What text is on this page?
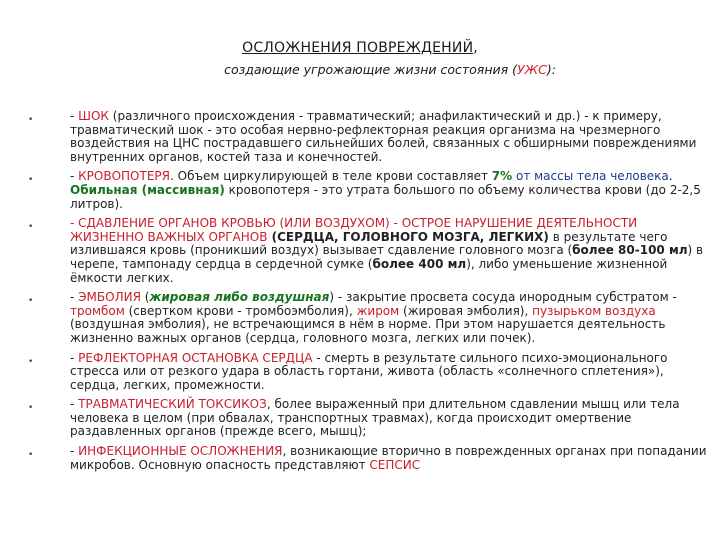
ОСЛОЖНЕНИЯ ПОВРЕЖДЕНИЙ,
создающие угрожающие жизни состояния (УЖС):
•	- ШОК (различного происхождения - травматический; анафилактический и др.) - к примеру, травматический шок - это особая нервно-рефлекторная реакция организма на чрезмерного воздействия на ЦНС пострадавшего сильнейших болей, связанных с обширными повреждениями внутренних органов, костей таза и конечностей.
•	- КРОВОПОТЕРЯ. Объем циркулирующей в теле крови составляет 7% от массы тела человека. Обильная (массивная) кровопотеря - это утрата большого по объему количества крови (до 2-2,5 литров).
•	- СДАВЛЕНИЕ ОРГАНОВ КРОВЬЮ (ИЛИ ВОЗДУХОМ) - ОСТРОЕ НАРУШЕНИЕ ДЕЯТЕЛЬНОСТИ ЖИЗНЕННО ВАЖНЫХ ОРГАНОВ (СЕРДЦА, ГОЛОВНОГО МОЗГА, ЛЕГКИХ) в результате чего излившаяся кровь (проникший воздух) вызывает сдавление головного мозга (более 80-100 мл) в черепе, тампонаду сердца в сердечной сумке (более 400 мл), либо уменьшение жизненной ёмкости легких.
•	- ЭМБОЛИЯ (жировая либо воздушная) - закрытие просвета сосуда инородным субстратом - тромбом (свертком крови - тромбоэмболия), жиром (жировая эмболия), пузырьком воздуха (воздушная эмболия), не встречающимся в нём в норме. При этом нарушается деятельность жизненно важных органов (сердца, головного мозга, легких или почек).
•	- РЕФЛЕКТОРНАЯ ОСТАНОВКА СЕРДЦА - смерть в результате сильного психо-эмоционального стресса или от резкого удара в область гортани, живота (область «солнечного сплетения»), сердца, легких, промежности.
•	- ТРАВМАТИЧЕСКИЙ ТОКСИКОЗ, более выраженный при длительном сдавлении мышц или тела человека в целом (при обвалах, транспортных травмах), когда происходит омертвение раздавленных органов (прежде всего, мышц);
•	- ИНФЕКЦИОННЫЕ ОСЛОЖНЕНИЯ, возникающие вторично в поврежденных органах при попадании микробов. Основную опасность представляют СЕПСИС
